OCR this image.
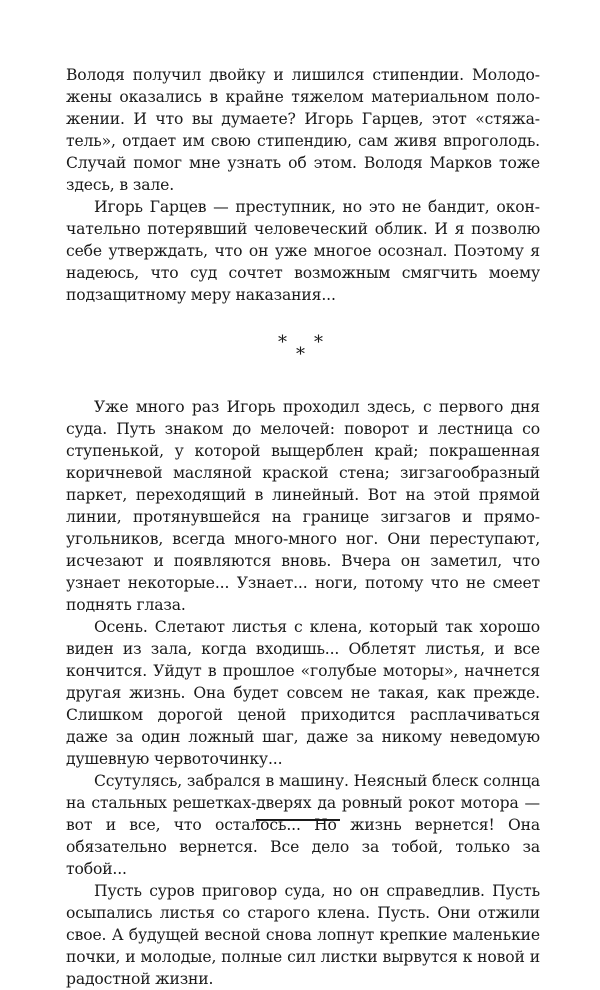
Володя получил двойку и лишился стипендии. Молодожены оказались в крайне тяжелом материальном положении. И что вы думаете? Игорь Гарцев, этот «стяжатель», отдает им свою стипендию, сам живя впроголодь. Случай помог мне узнать об этом. Володя Марков тоже здесь, в зале.

Игорь Гарцев — преступник, но это не бандит, окончательно потерявший человеческий облик. И я позволю себе утверждать, что он уже многое осознал. Поэтому я надеюсь, что суд сочтет возможным смягчить моему подзащитному меру наказания...

*
*
*

Уже много раз Игорь проходил здесь, с первого дня суда. Путь знаком до мелочей: поворот и лестница со ступенькой, у которой выщерблен край; покрашенная коричневой масляной краской стена; зигзагообразный паркет, переходящий в линейный. Вот на этой прямой линии, протянувшейся на границе зигзагов и прямоугольников, всегда много-много ног. Они переступают, исчезают и появляются вновь. Вчера он заметил, что узнает некоторые... Узнает... ноги, потому что не смеет поднять глаза.

Осень. Слетают листья с клена, который так хорошо виден из зала, когда входишь... Облетят листья, и все кончится. Уйдут в прошлое «голубые моторы», начнется другая жизнь. Она будет совсем не такая, как прежде. Слишком дорогой ценой приходится расплачиваться даже за один ложный шаг, даже за никому неведомую душевную червоточинку...

Ссутулясь, забрался в машину. Неясный блеск солнца на стальных решетках-дверях да ровный рокот мотора — вот и все, что осталось... Но жизнь вернется! Она обязательно вернется. Все дело за тобой, только за тобой...

Пусть суров приговор суда, но он справедлив. Пусть осыпались листья со старого клена. Пусть. Они отжили свое. А будущей весной снова лопнут крепкие маленькие почки, и молодые, полные сил листки вырвутся к новой и радостной жизни.
